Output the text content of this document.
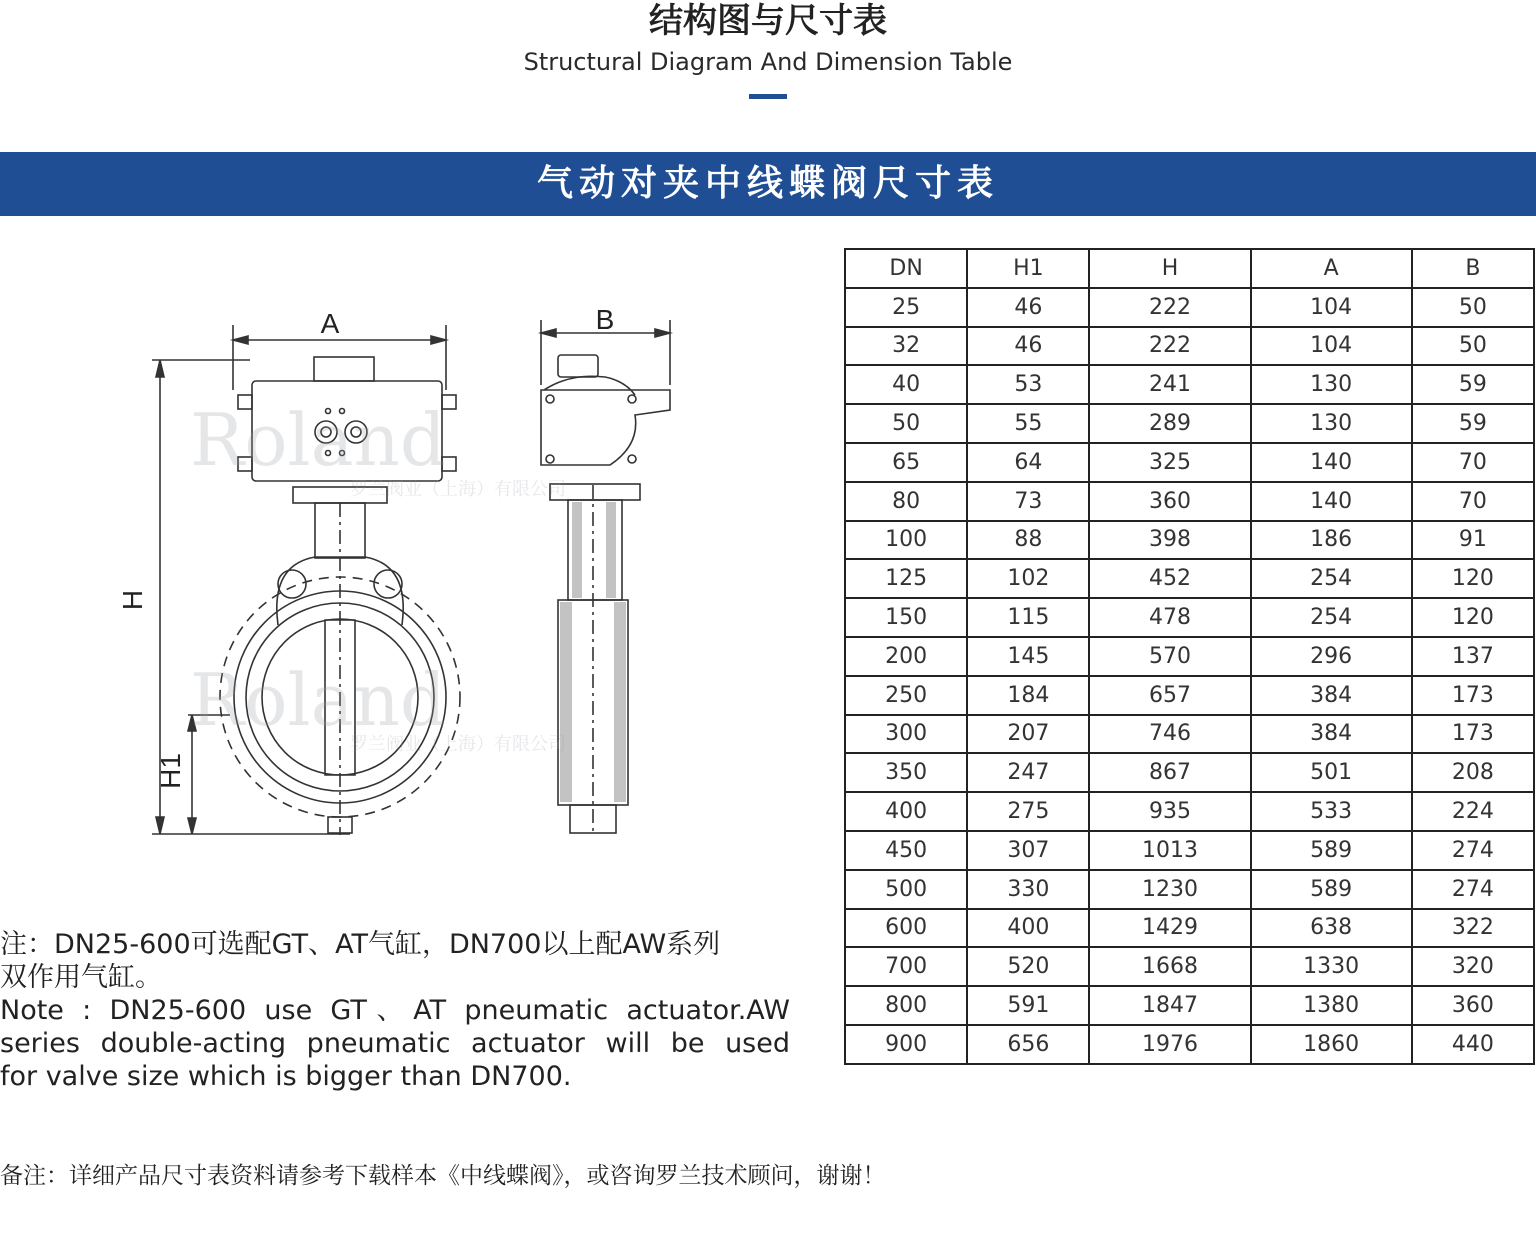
结构图与尺寸表
Structural Diagram And Dimension Table
气动对夹中线蝶阀尺寸表
A	B
H
H1
Roland
罗兰阀业（上海）有限公司
Roland
罗兰阀业（上海）有限公司
DN	H1	H	A	B
25	46	222	104	50
32	46	222	104	50
40	53	241	130	59
50	55	289	130	59
65	64	325	140	70
80	73	360	140	70
100	88	398	186	91
125	102	452	254	120
150	115	478	254	120
200	145	570	296	137
250	184	657	384	173
300	207	746	384	173
350	247	867	501	208
400	275	935	533	224
450	307	1013	589	274
500	330	1230	589	274
600	400	1429	638	322
700	520	1668	1330	320
800	591	1847	1380	360
900	656	1976	1860	440
注：DN25-600可选配GT、AT气缸，DN700以上配AW系列
双作用气缸。
Note : DN25-600 use GT、AT pneumatic actuator.AW
series double-acting pneumatic actuator will be used
for valve size which is bigger than DN700.
备注：详细产品尺寸表资料请参考下载样本《中线蝶阀》，或咨询罗兰技术顾问，谢谢！
